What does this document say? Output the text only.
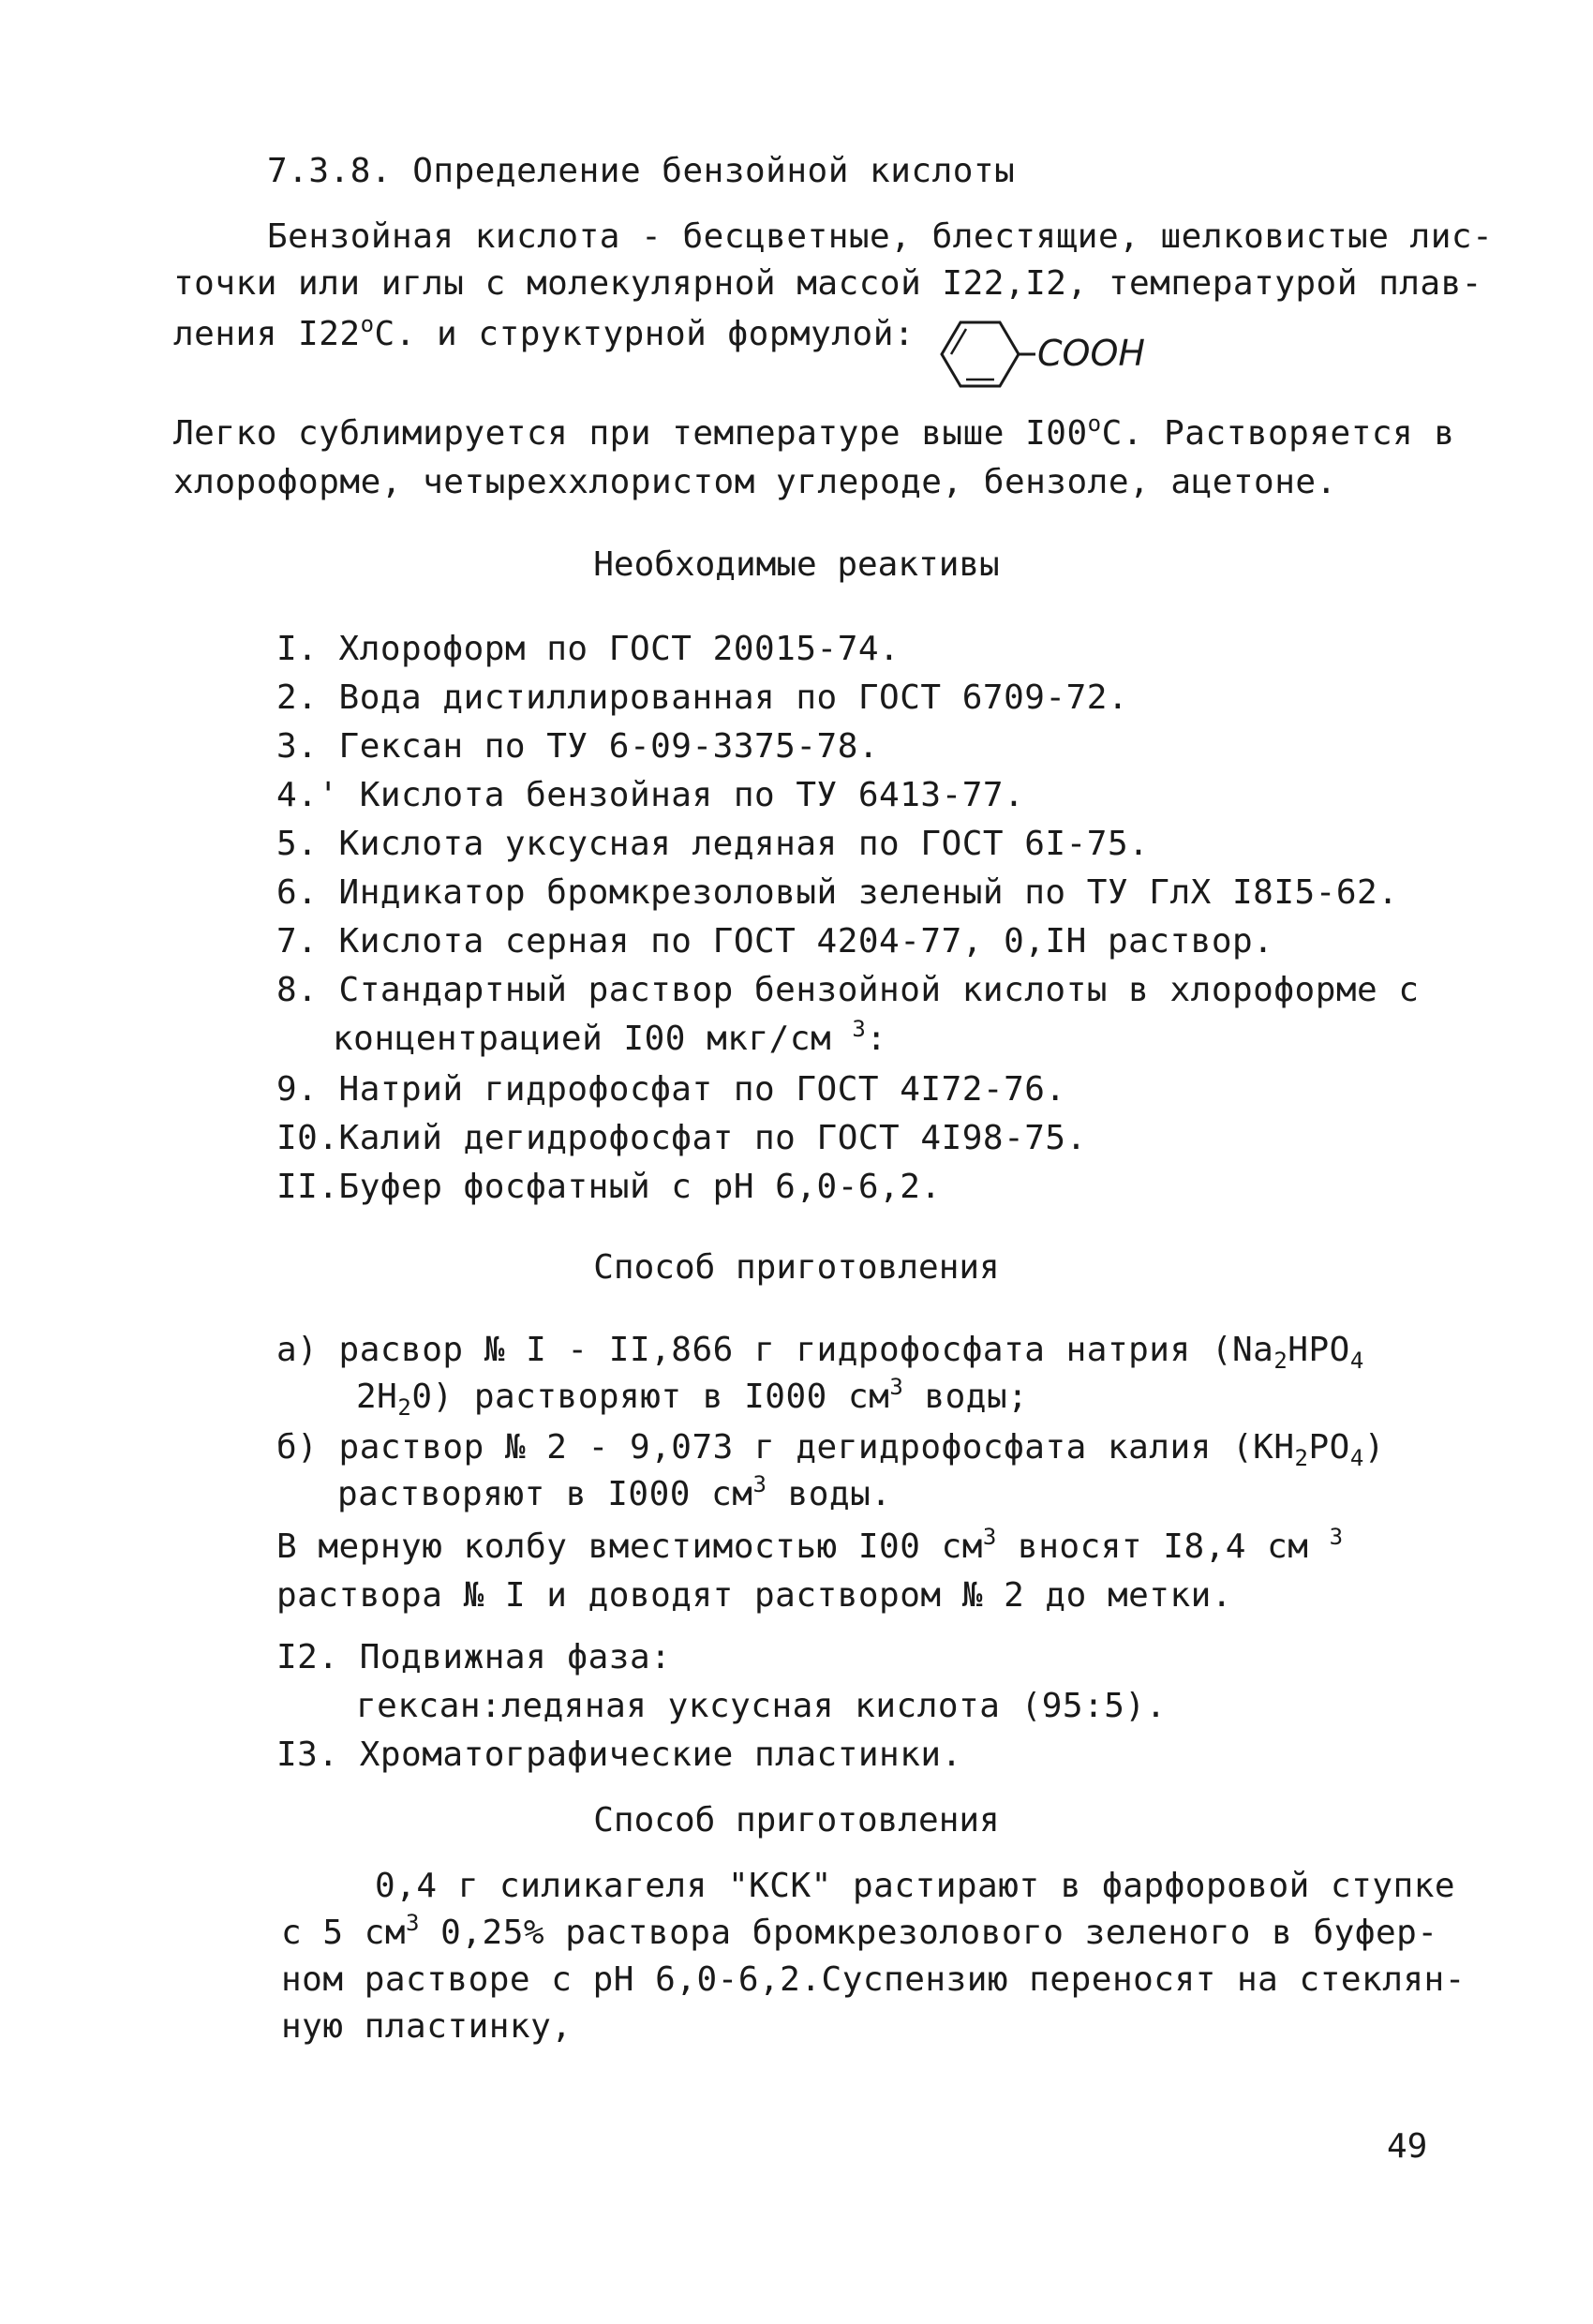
7.3.8. Определение бензойной кислоты
Бензойная кислота - бесцветные, блестящие, шелковистые лис-
точки или иглы с молекулярной массой I22,I2, температурой плав-
ления $I22^оС$. и структурной формулой:	COOH
Легко сублимируется при температуре выше $I00^оС$. Растворяется в
хлороформе, четыреххлористом углероде, бензоле, ацетоне.
Необходимые реактивы
I. Хлороформ по ГОСТ 20015-74.
2. Вода дистиллированная по ГОСТ 6709-72.
3. Гексан по ТУ 6-09-3375-78.
4.' Кислота бензойная по ТУ 6413-77.
5. Кислота уксусная ледяная по ГОСТ 6I-75.
6. Индикатор бромкрезоловый зеленый по ТУ ГлХ I8I5-62.
7. Кислота серная по ГОСТ 4204-77, 0,IН раствор.
8. Стандартный раствор бензойной кислоты в хлороформе с
концентрацией I00 мкг/см $^3$:
9. Натрий гидрофосфат по ГОСТ 4I72-76.
I0.Калий дегидрофосфат по ГОСТ 4I98-75.
II.Буфер фосфатный с рН 6,0-6,2.
Способ приготовления
а) расвор № I - II,866 г гидрофосфата натрия ($Na_2HPO_4$
$2H_20$) растворяют в I000 $см^3$ воды;
б) раствор № 2 - 9,073 г дегидрофосфата калия $(KH_2PO_4)$
растворяют в I000 $см^3$ воды.
В мерную колбу вместимостью I00 $см^3$ вносят I8,4 см $^3$
раствора № I и доводят раствором № 2 до метки.
I2. Подвижная фаза:
гексан:ледяная уксусная кислота (95:5).
I3. Хроматографические пластинки.
Способ приготовления
0,4 г силикагеля "КСК" растирают в фарфоровой ступке
с 5 $см^3$ 0,25% раствора бромкрезолового зеленого в буфер-
ном растворе с рН 6,0-6,2.Суспензию переносят на стеклян-
ную пластинку,
49
